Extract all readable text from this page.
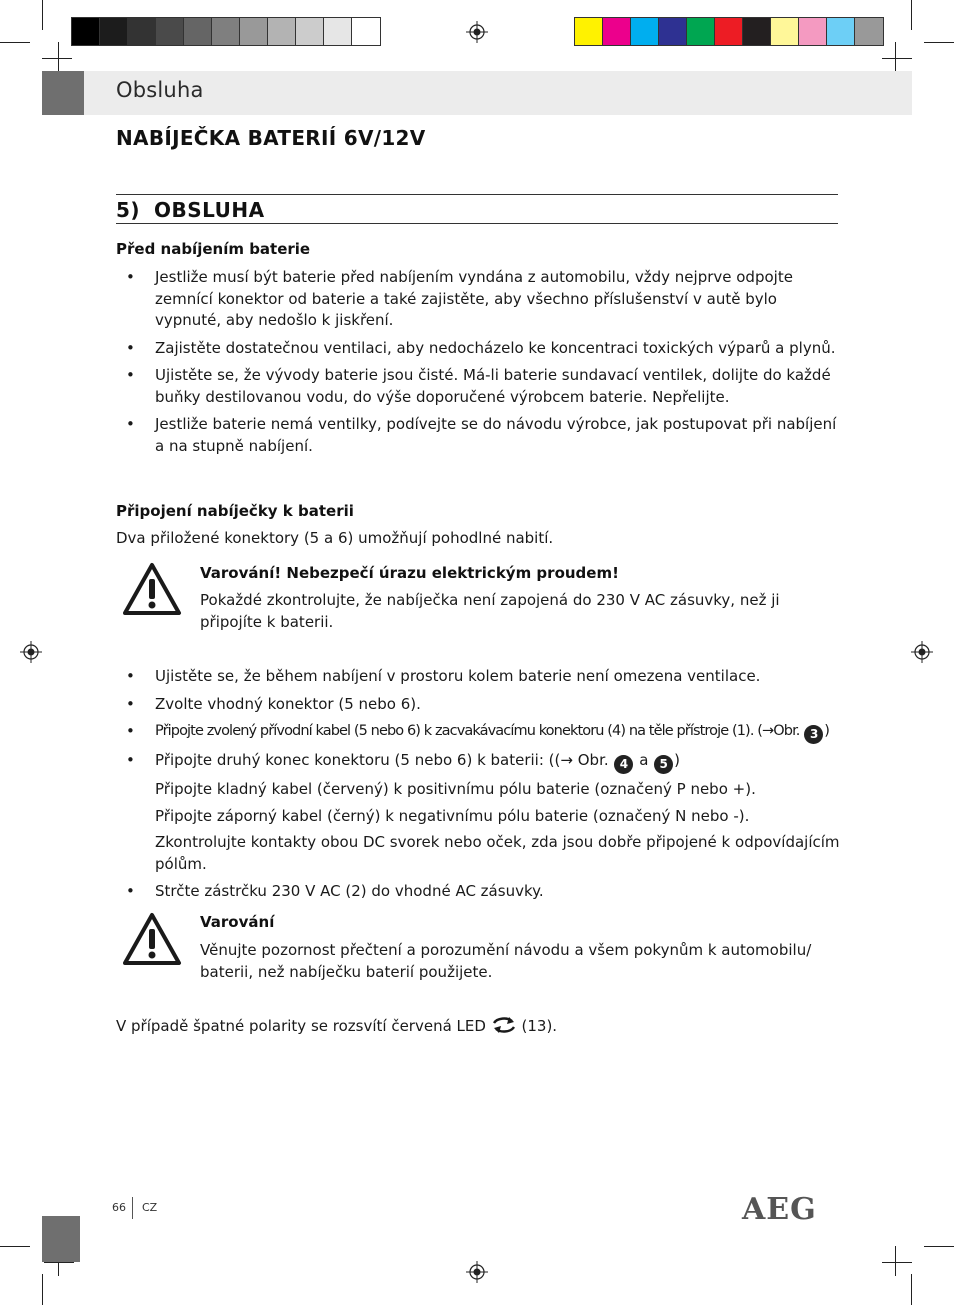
Obsluha
NABÍJEČKA BATERIÍ 6V/12V
5) OBSLUHA
Před nabíjením baterie
• Jestliže musí být baterie před nabíjením vyndána z automobilu, vždy nejprve odpojte zemnící konektor od baterie a také zajistěte, aby všechno příslušenství v autě bylo vypnuté, aby nedošlo k jiskření.
• Zajistěte dostatečnou ventilaci, aby nedocházelo ke koncentraci toxických výparů a plynů.
• Ujistěte se, že vývody baterie jsou čisté. Má-li baterie sundavací ventilek, dolijte do každé buňky destilovanou vodu, do výše doporučené výrobcem baterie. Nepřelijte.
• Jestliže baterie nemá ventilky, podívejte se do návodu výrobce, jak postupovat při nabíjení a na stupně nabíjení.
Připojení nabíječky k baterii
Dva přiložené konektory (5 a 6) umožňují pohodlné nabití.
Varování! Nebezpečí úrazu elektrickým proudem!
Pokaždé zkontrolujte, že nabíječka není zapojená do 230 V AC zásuvky, než ji připojíte k baterii.
• Ujistěte se, že během nabíjení v prostoru kolem baterie není omezena ventilace.
• Zvolte vhodný konektor (5 nebo 6).
• Připojte zvolený přívodní kabel (5 nebo 6) k zacvakávacímu konektoru (4) na těle přístroje (1). (→Obr. 3 )
• Připojte druhý konec konektoru (5 nebo 6) k baterii: ((→ Obr. 4 a 5 )
Připojte kladný kabel (červený) k positivnímu pólu baterie (označený P nebo +).
Připojte záporný kabel (černý) k negativnímu pólu baterie (označený N nebo -).
Zkontrolujte kontakty obou DC svorek nebo oček, zda jsou dobře připojené k odpovídajícím pólům.
• Strčte zástrčku 230 V AC (2) do vhodné AC zásuvky.
Varování
Věnujte pozornost přečtení a porozumění návodu a všem pokynům k automobilu/ baterii, než nabíječku baterií použijete.
V případě špatné polarity se rozsvítí červená LED (13).
66 CZ	AEG
